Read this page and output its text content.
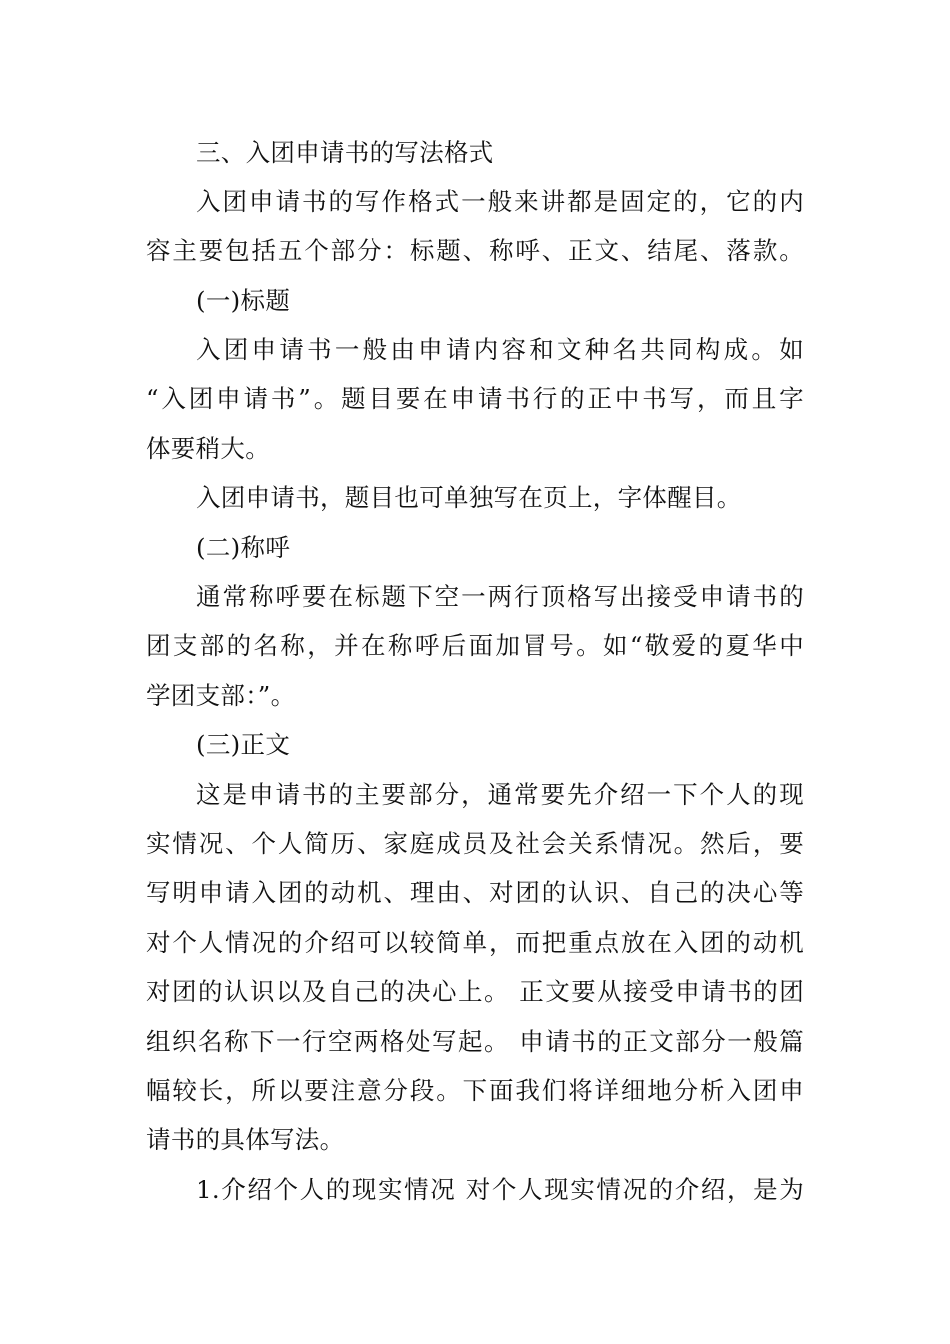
三、入团申请书的写法格式
入团申请书的写作格式一般来讲都是固定的，它的内
容主要包括五个部分：标题、称呼、正文、结尾、落款。
(一)标题
入团申请书一般由申请内容和文种名共同构成。如
“入团申请书”。题目要在申请书行的正中书写，而且字
体要稍大。
入团申请书，题目也可单独写在页上，字体醒目。
(二)称呼
通常称呼要在标题下空一两行顶格写出接受申请书的
团支部的名称，并在称呼后面加冒号。如“敬爱的夏华中
学团支部：”。
(三)正文
这是申请书的主要部分，通常要先介绍一下个人的现
实情况、个人简历、家庭成员及社会关系情况。然后，要
写明申请入团的动机、理由、对团的认识、自己的决心等
对个人情况的介绍可以较简单，而把重点放在入团的动机
对团的认识以及自己的决心上。 正文要从接受申请书的团
组织名称下一行空两格处写起。 申请书的正文部分一般篇
幅较长，所以要注意分段。下面我们将详细地分析入团申
请书的具体写法。
1.介绍个人的现实情况 对个人现实情况的介绍，是为
